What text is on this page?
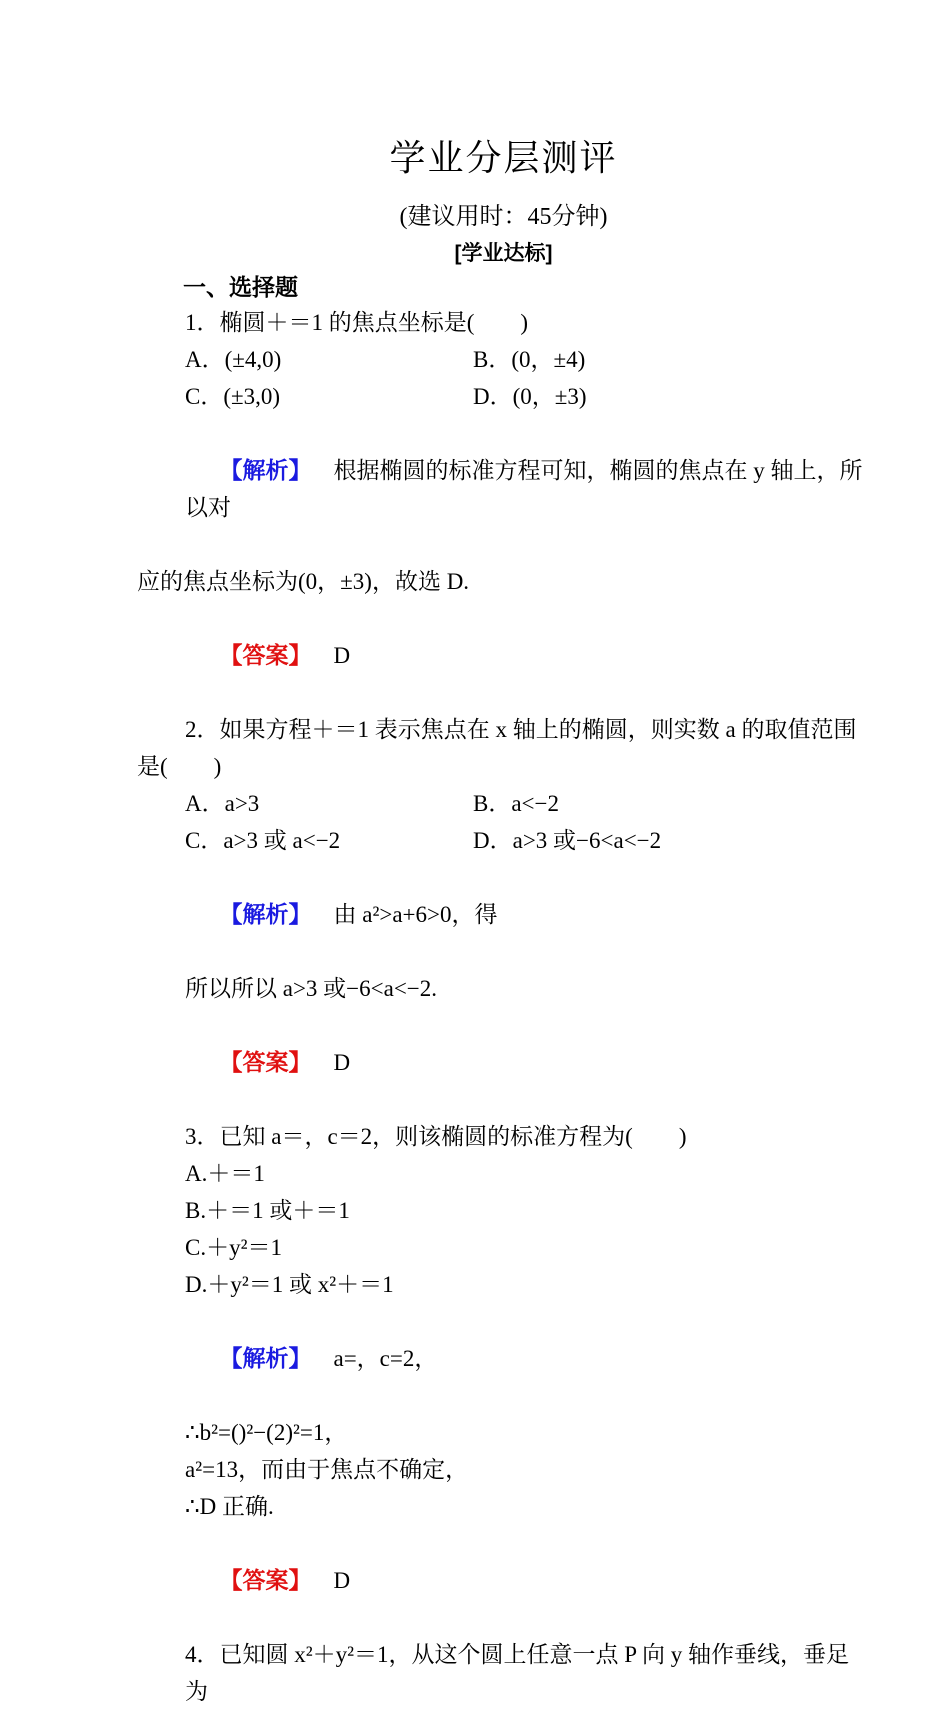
学业分层测评
(建议用时：45分钟)
[学业达标]
一、选择题
1．椭圆＋＝1 的焦点坐标是(　　)
A．(±4,0)	B．(0，±4)
C．(±3,0)	D．(0，±3)

【解析】 根据椭圆的标准方程可知，椭圆的焦点在 y 轴上，所以对

应的焦点坐标为(0，±3)，故选 D.

【答案】 D

2．如果方程＋＝1 表示焦点在 x 轴上的椭圆，则实数 a 的取值范围
是(　　)
A．a>3	B．a<−2
C．a>3 或 a<−2	D．a>3 或−6<a<−2

【解析】 由 a²>a+6>0，得

所以所以 a>3 或−6<a<−2.

【答案】 D

3．已知 a＝，c＝2，则该椭圆的标准方程为(　　)
A.＋＝1
B.＋＝1 或＋＝1
C.＋y²＝1
D.＋y²＝1 或 x²＋＝1

【解析】 a=，c=2，

∴b²=()²−(2)²=1，
a²=13，而由于焦点不确定，
∴D 正确.

【答案】 D

4．已知圆 x²＋y²＝1，从这个圆上任意一点 P 向 y 轴作垂线，垂足为
